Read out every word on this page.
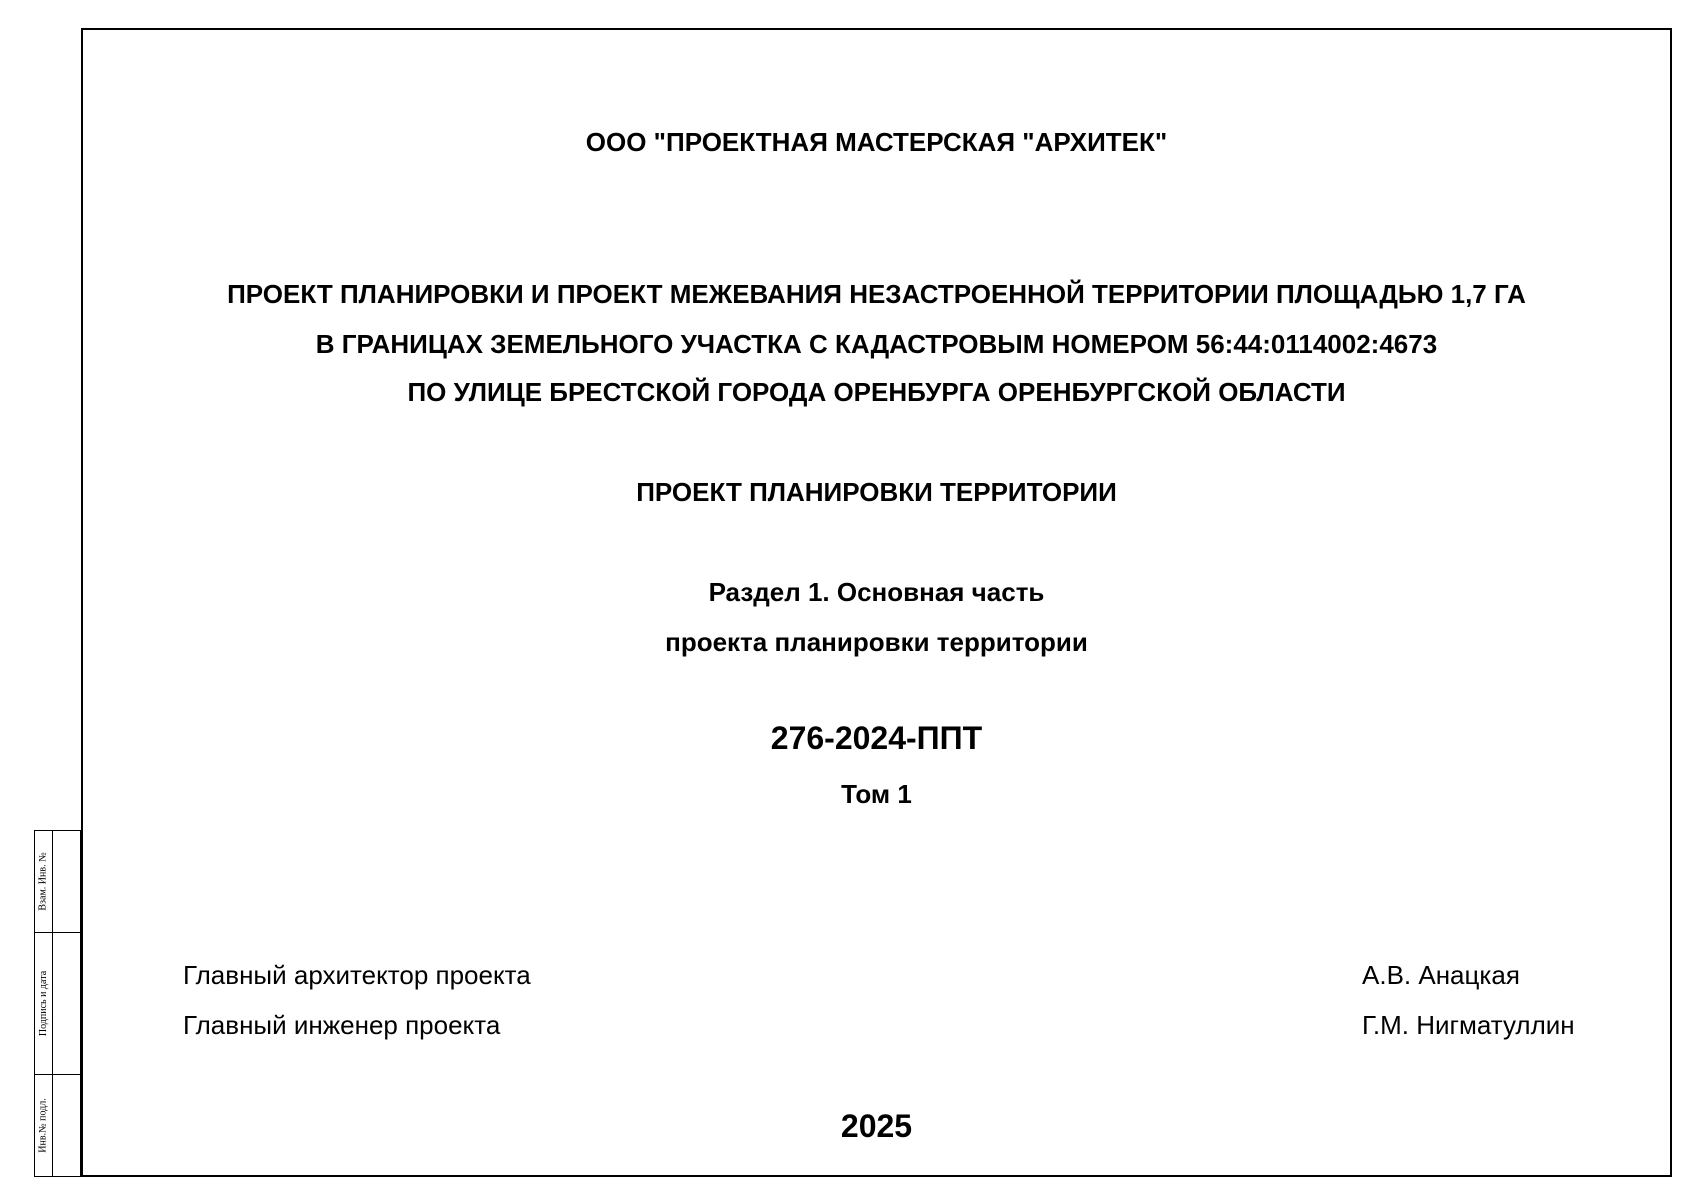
ООО "ПРОЕКТНАЯ МАСТЕРСКАЯ "АРХИТЕК"
ПРОЕКТ ПЛАНИРОВКИ И ПРОЕКТ МЕЖЕВАНИЯ НЕЗАСТРОЕННОЙ ТЕРРИТОРИИ ПЛОЩАДЬЮ 1,7 ГА
В ГРАНИЦАХ ЗЕМЕЛЬНОГО УЧАСТКА С КАДАСТРОВЫМ НОМЕРОМ 56:44:0114002:4673
ПО УЛИЦЕ БРЕСТСКОЙ ГОРОДА ОРЕНБУРГА ОРЕНБУРГСКОЙ ОБЛАСТИ
ПРОЕКТ ПЛАНИРОВКИ ТЕРРИТОРИИ
Раздел 1. Основная часть
проекта планировки территории
276-2024-ППТ
Том 1
Главный архитектор проекта	А.В. Анацкая
Главный инженер проекта	Г.М. Нигматуллин
2025
Взам. Инв. №
Подпись и дата
Инв.№ подл.
